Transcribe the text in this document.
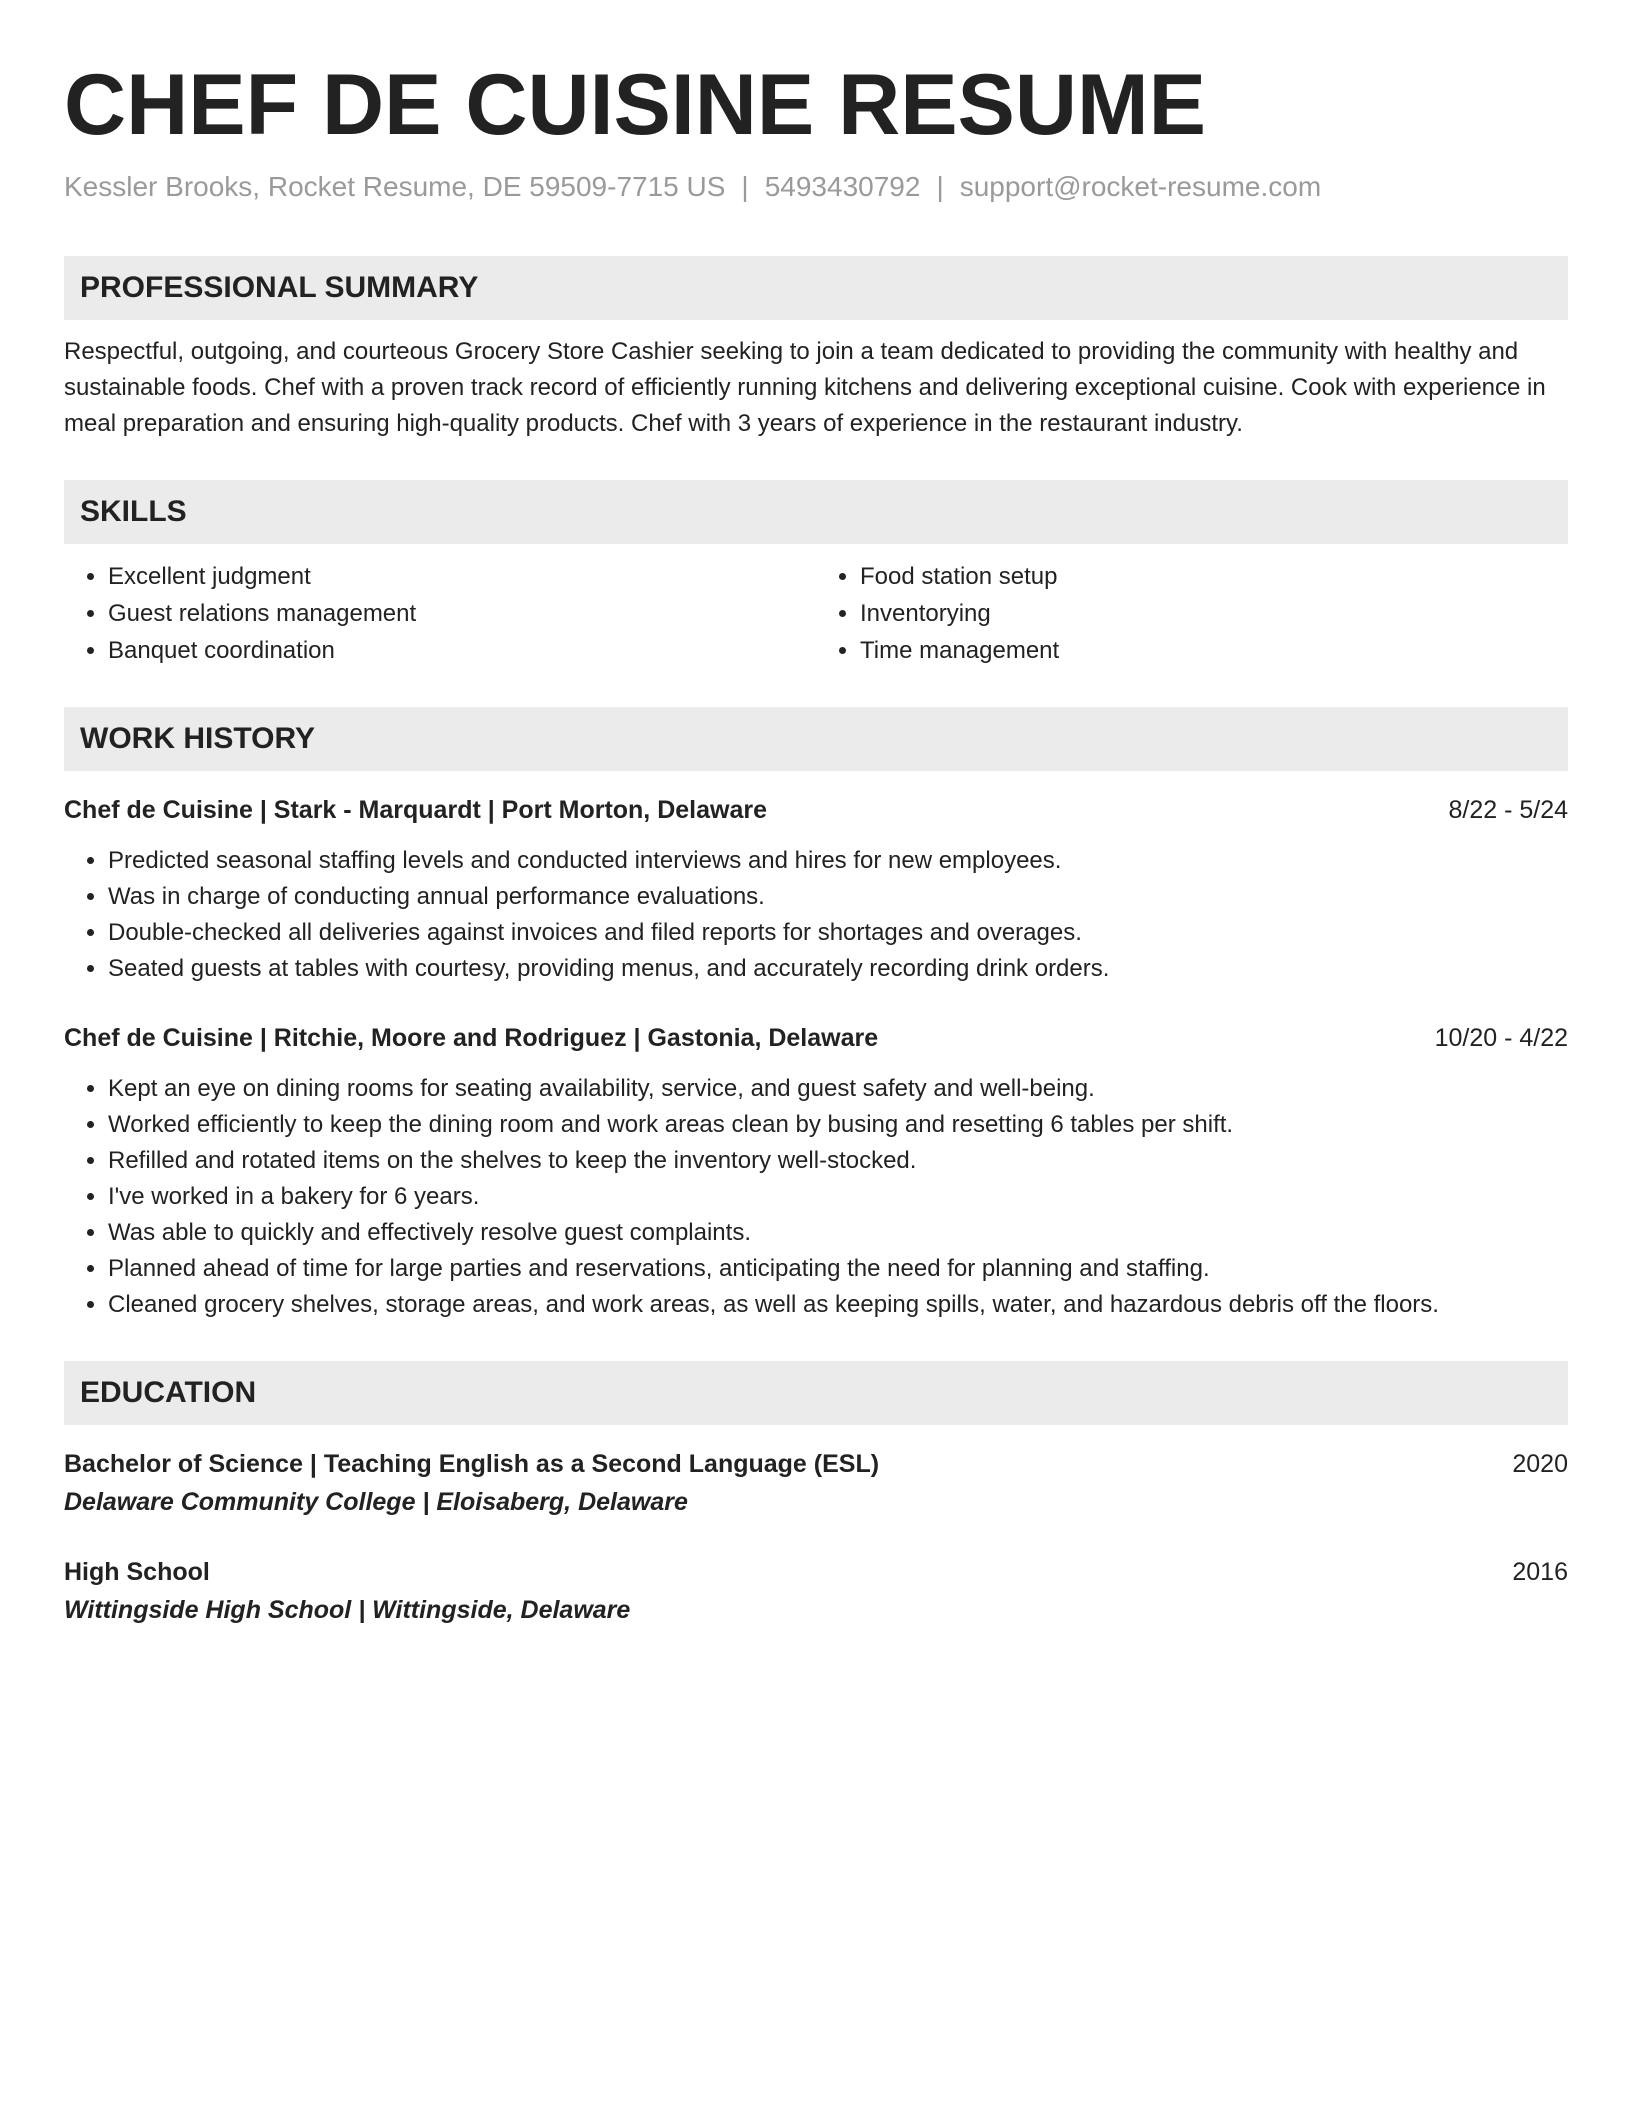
CHEF DE CUISINE RESUME
Kessler Brooks, Rocket Resume, DE 59509-7715 US | 5493430792 | support@rocket-resume.com
PROFESSIONAL SUMMARY
Respectful, outgoing, and courteous Grocery Store Cashier seeking to join a team dedicated to providing the community with healthy and sustainable foods. Chef with a proven track record of efficiently running kitchens and delivering exceptional cuisine. Cook with experience in meal preparation and ensuring high-quality products. Chef with 3 years of experience in the restaurant industry.
SKILLS
• Excellent judgment
• Guest relations management
• Banquet coordination
• Food station setup
• Inventorying
• Time management
WORK HISTORY
Chef de Cuisine | Stark - Marquardt | Port Morton, Delaware	8/22 - 5/24
• Predicted seasonal staffing levels and conducted interviews and hires for new employees.
• Was in charge of conducting annual performance evaluations.
• Double-checked all deliveries against invoices and filed reports for shortages and overages.
• Seated guests at tables with courtesy, providing menus, and accurately recording drink orders.
Chef de Cuisine | Ritchie, Moore and Rodriguez | Gastonia, Delaware	10/20 - 4/22
• Kept an eye on dining rooms for seating availability, service, and guest safety and well-being.
• Worked efficiently to keep the dining room and work areas clean by busing and resetting 6 tables per shift.
• Refilled and rotated items on the shelves to keep the inventory well-stocked.
• I've worked in a bakery for 6 years.
• Was able to quickly and effectively resolve guest complaints.
• Planned ahead of time for large parties and reservations, anticipating the need for planning and staffing.
• Cleaned grocery shelves, storage areas, and work areas, as well as keeping spills, water, and hazardous debris off the floors.
EDUCATION
Bachelor of Science | Teaching English as a Second Language (ESL)	2020
Delaware Community College | Eloisaberg, Delaware
High School	2016
Wittingside High School | Wittingside, Delaware
